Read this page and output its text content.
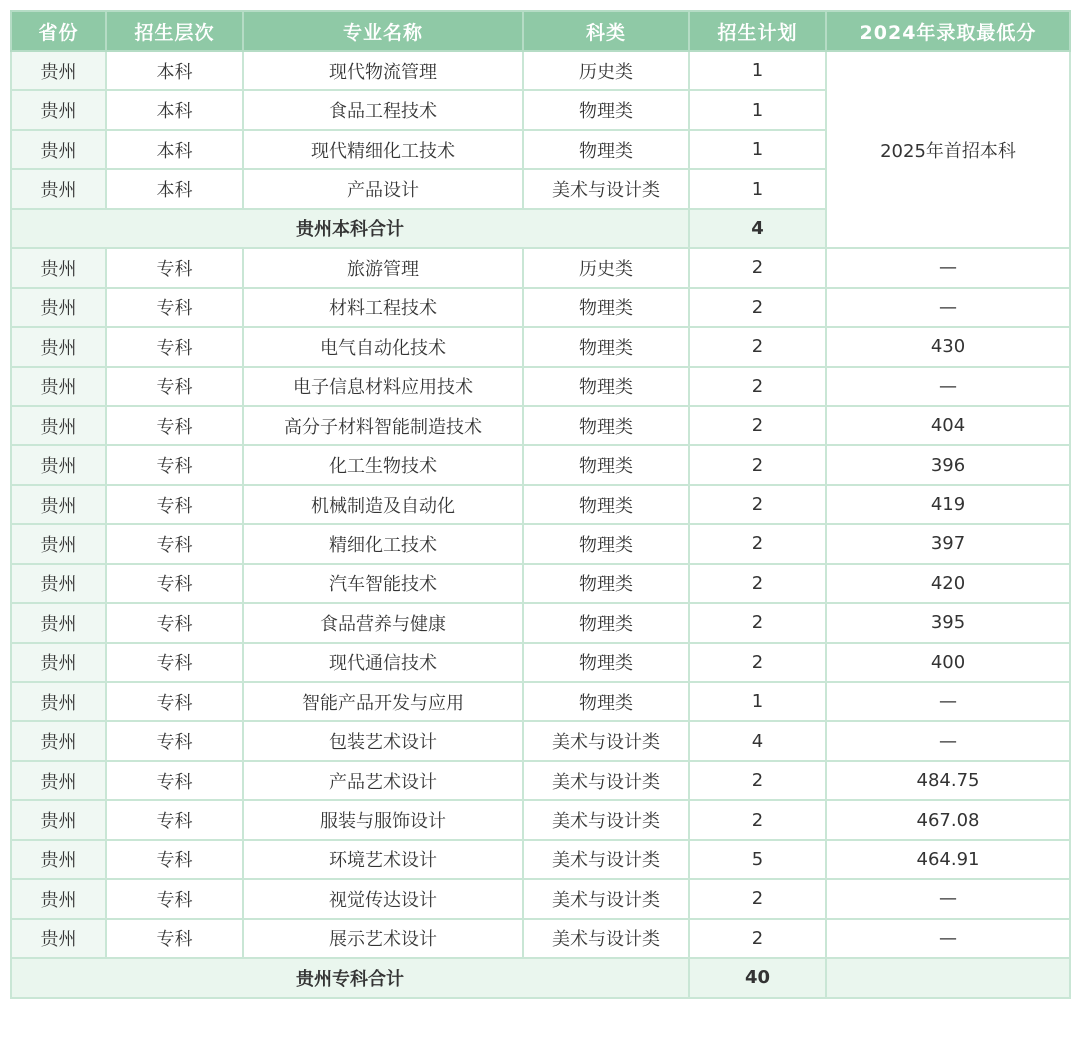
省份	招生层次	专业名称	科类	招生计划	2024年录取最低分
贵州	本科	现代物流管理	历史类	1	2025年首招本科
贵州	本科	食品工程技术	物理类	1	
贵州	本科	现代精细化工技术	物理类	1	
贵州	本科	产品设计	美术与设计类	1	
贵州本科合计				4	
贵州	专科	旅游管理	历史类	2	—
贵州	专科	材料工程技术	物理类	2	—
贵州	专科	电气自动化技术	物理类	2	430
贵州	专科	电子信息材料应用技术	物理类	2	—
贵州	专科	高分子材料智能制造技术	物理类	2	404
贵州	专科	化工生物技术	物理类	2	396
贵州	专科	机械制造及自动化	物理类	2	419
贵州	专科	精细化工技术	物理类	2	397
贵州	专科	汽车智能技术	物理类	2	420
贵州	专科	食品营养与健康	物理类	2	395
贵州	专科	现代通信技术	物理类	2	400
贵州	专科	智能产品开发与应用	物理类	1	—
贵州	专科	包装艺术设计	美术与设计类	4	—
贵州	专科	产品艺术设计	美术与设计类	2	484.75
贵州	专科	服装与服饰设计	美术与设计类	2	467.08
贵州	专科	环境艺术设计	美术与设计类	5	464.91
贵州	专科	视觉传达设计	美术与设计类	2	—
贵州	专科	展示艺术设计	美术与设计类	2	—
贵州专科合计				40	
